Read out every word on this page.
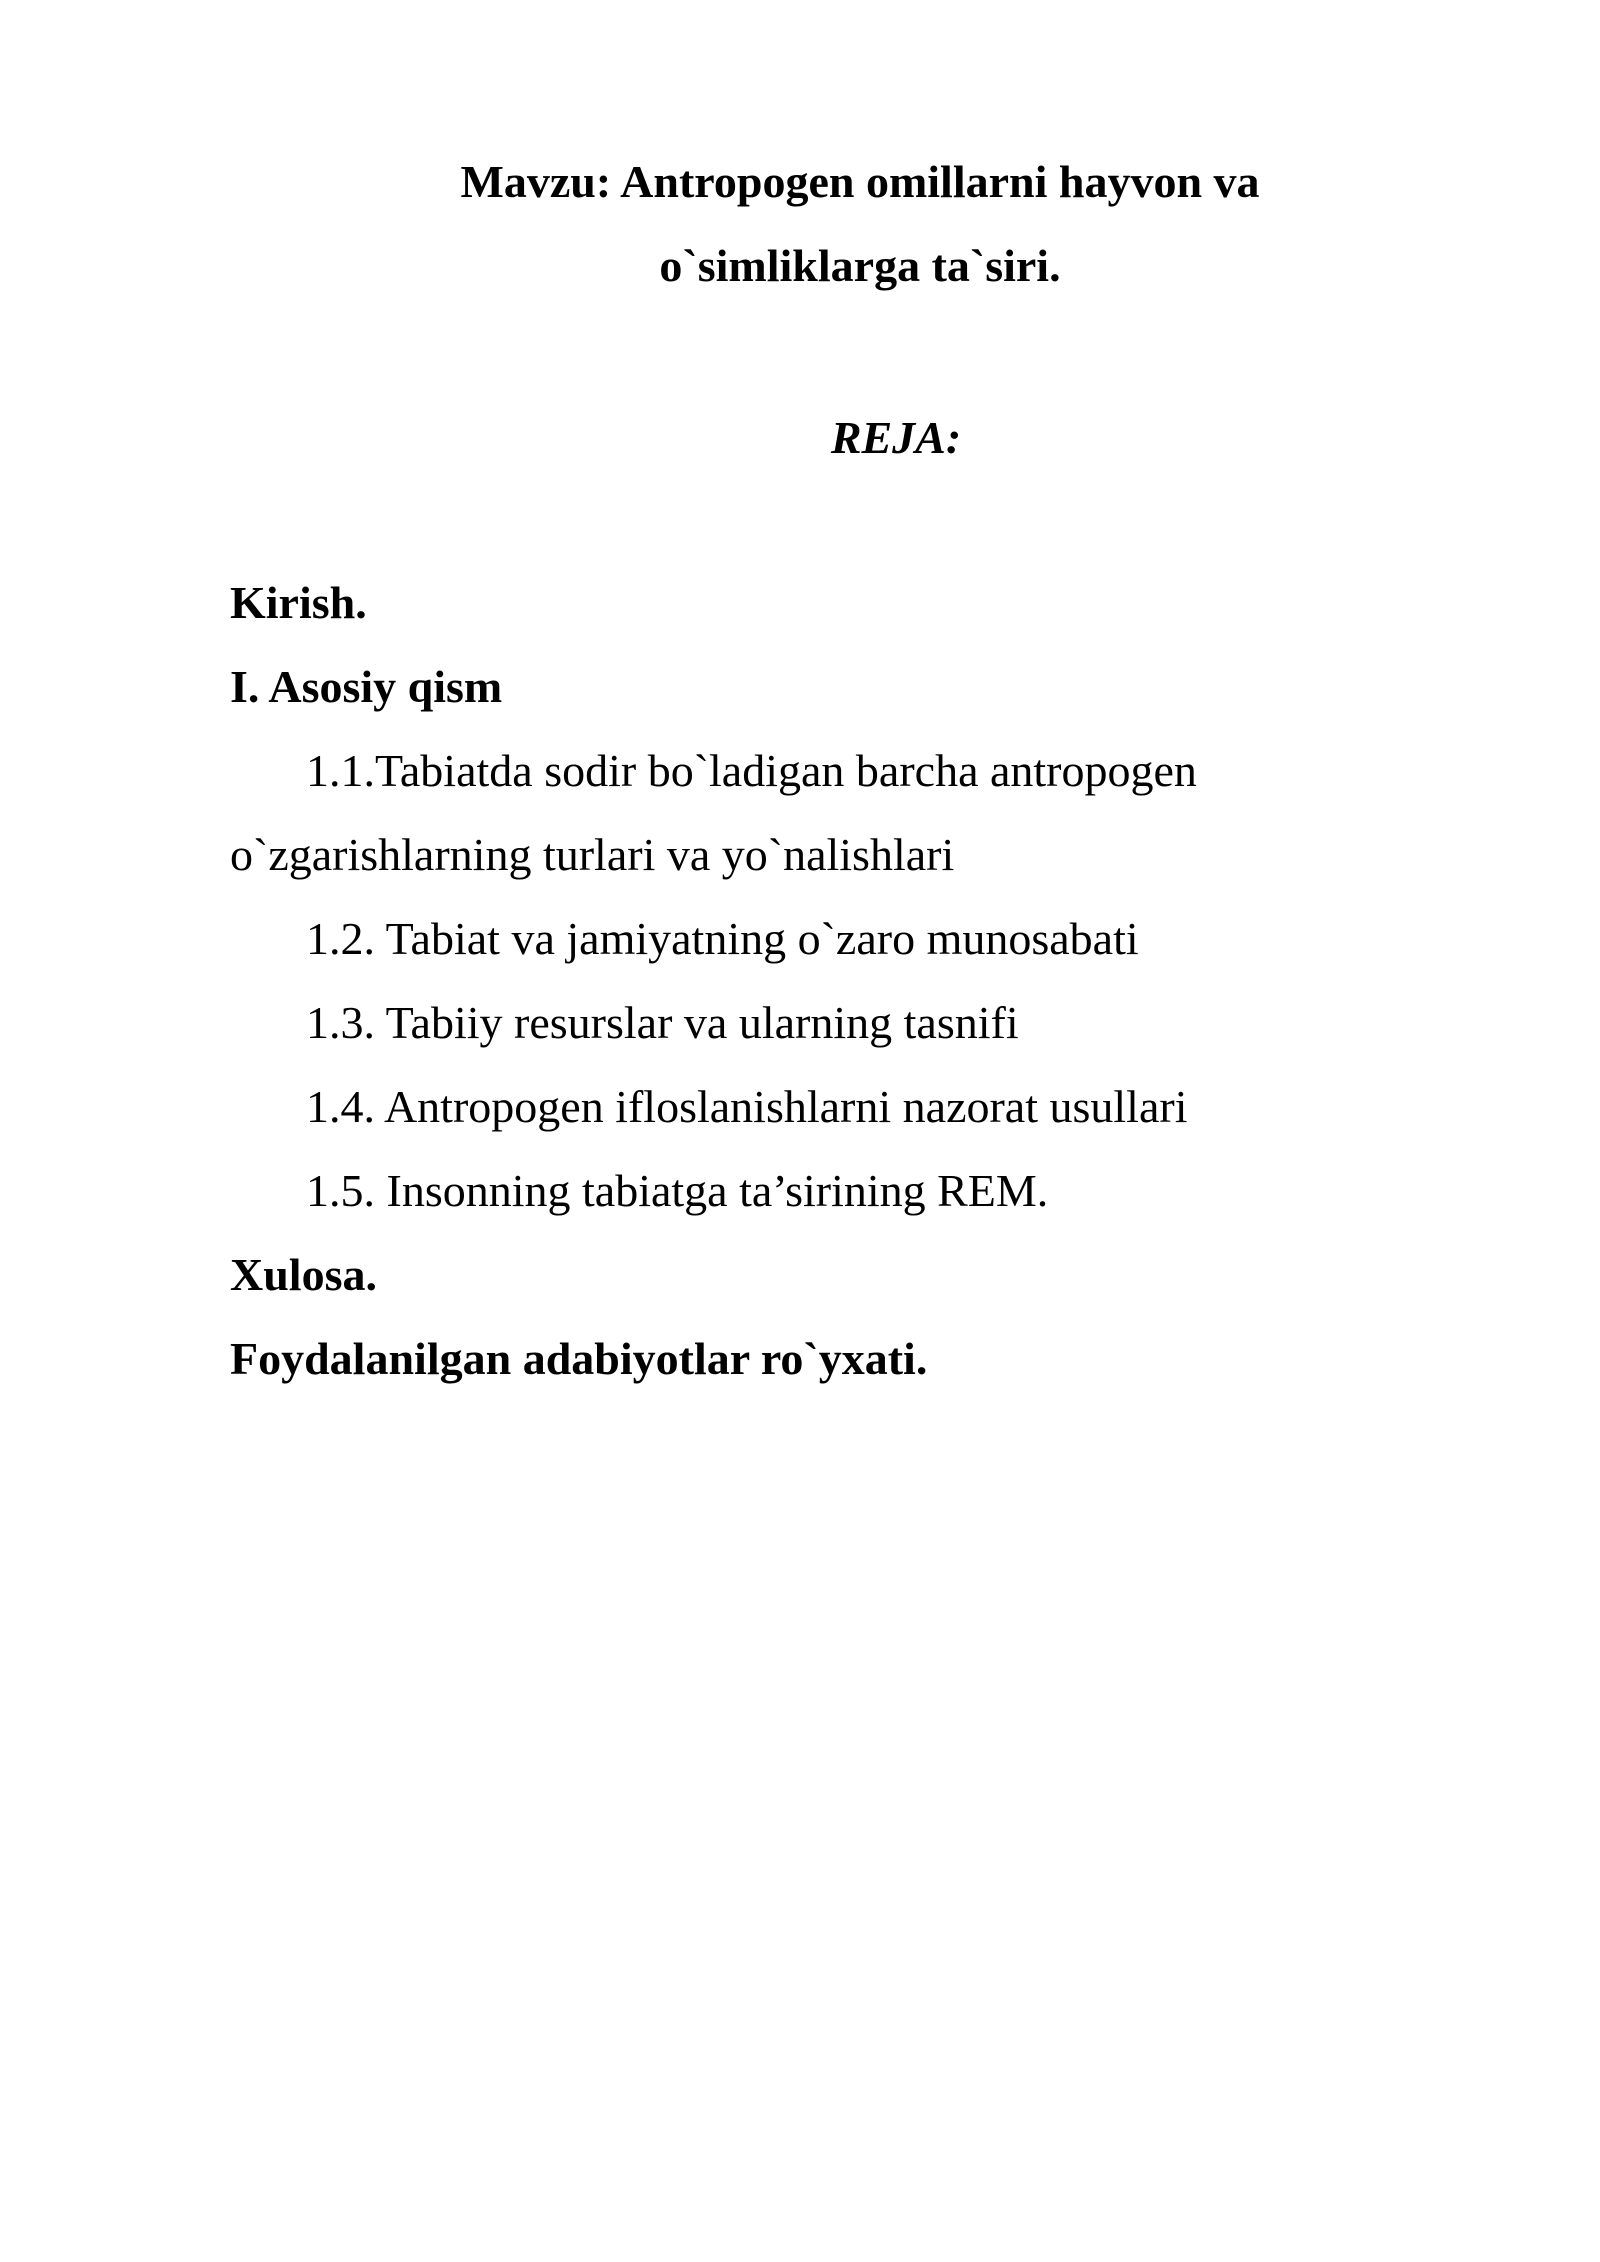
Mavzu: Antropogen omillarni hayvon va
o`simliklarga ta`siri.
REJA:
Kirish.
I. Asosiy qism
1.1.Tabiatda sodir bo`ladigan barcha antropogen
o`zgarishlarning turlari va yo`nalishlari
1.2. Tabiat va jamiyatning o`zaro munosabati
1.3. Tabiiy resurslar va ularning tasnifi
1.4. Antropogen ifloslanishlarni nazorat usullari
1.5. Insonning tabiatga ta’sirining REM.
Xulosa.
Foydalanilgan adabiyotlar ro`yxati.
